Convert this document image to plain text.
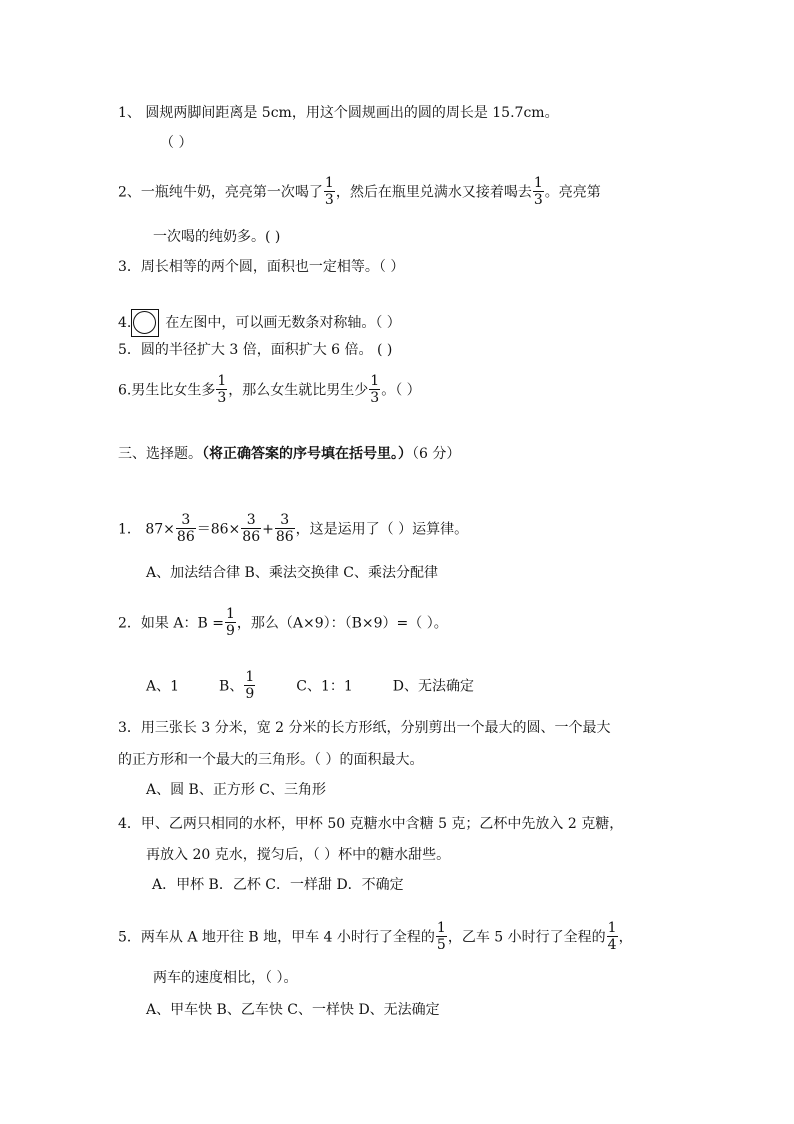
1、 圆规两脚间距离是 5cm，用这个圆规画出的圆的周长是 15.7cm。
（ ）
2、一瓶纯牛奶，亮亮第一次喝了 $\frac{1}{3}$ ，然后在瓶里兑满水又接着喝去 $\frac{1}{3}$ 。亮亮第
一次喝的纯奶多。( )
3．周长相等的两个圆，面积也一定相等。（ ）
4. 在左图中，可以画无数条对称轴。（ ）
5．圆的半径扩大 3 倍，面积扩大 6 倍。 ( )
6.男生比女生多 $\frac{1}{3}$ ，那么女生就比男生少 $\frac{1}{3}$ 。（ ）
三、选择题。（将正确答案的序号填在括号里。）（6 分）
1． $87\times \frac{3}{86} =86\times \frac{3}{86} + \frac{3}{86}$ ，这是运用了（ ）运算律。
A、加法结合律 B、乘法交换律 C、乘法分配律
2．如果 A：$B = \frac{1}{9}$ ，那么（A×9）：（B×9）=（ ）。
A、1	B、 $\frac{1}{9}$	C、1：1	D、无法确定
3．用三张长 3 分米，宽 2 分米的长方形纸，分别剪出一个最大的圆、一个最大
的正方形和一个最大的三角形。（ ）的面积最大。
A、圆 B、正方形 C、三角形
4．甲、乙两只相同的水杯，甲杯 50 克糖水中含糖 5 克；乙杯中先放入 2 克糖，
再放入 20 克水，搅匀后，（ ）杯中的糖水甜些。
A．甲杯 B．乙杯 C．一样甜 D．不确定
5．两车从 A 地开往 B 地，甲车 4 小时行了全程的 $\frac{1}{5}$ ，乙车 5 小时行了全程的 $\frac{1}{4}$ ，
两车的速度相比，（ ）。
A、甲车快 B、乙车快 C、一样快 D、无法确定
